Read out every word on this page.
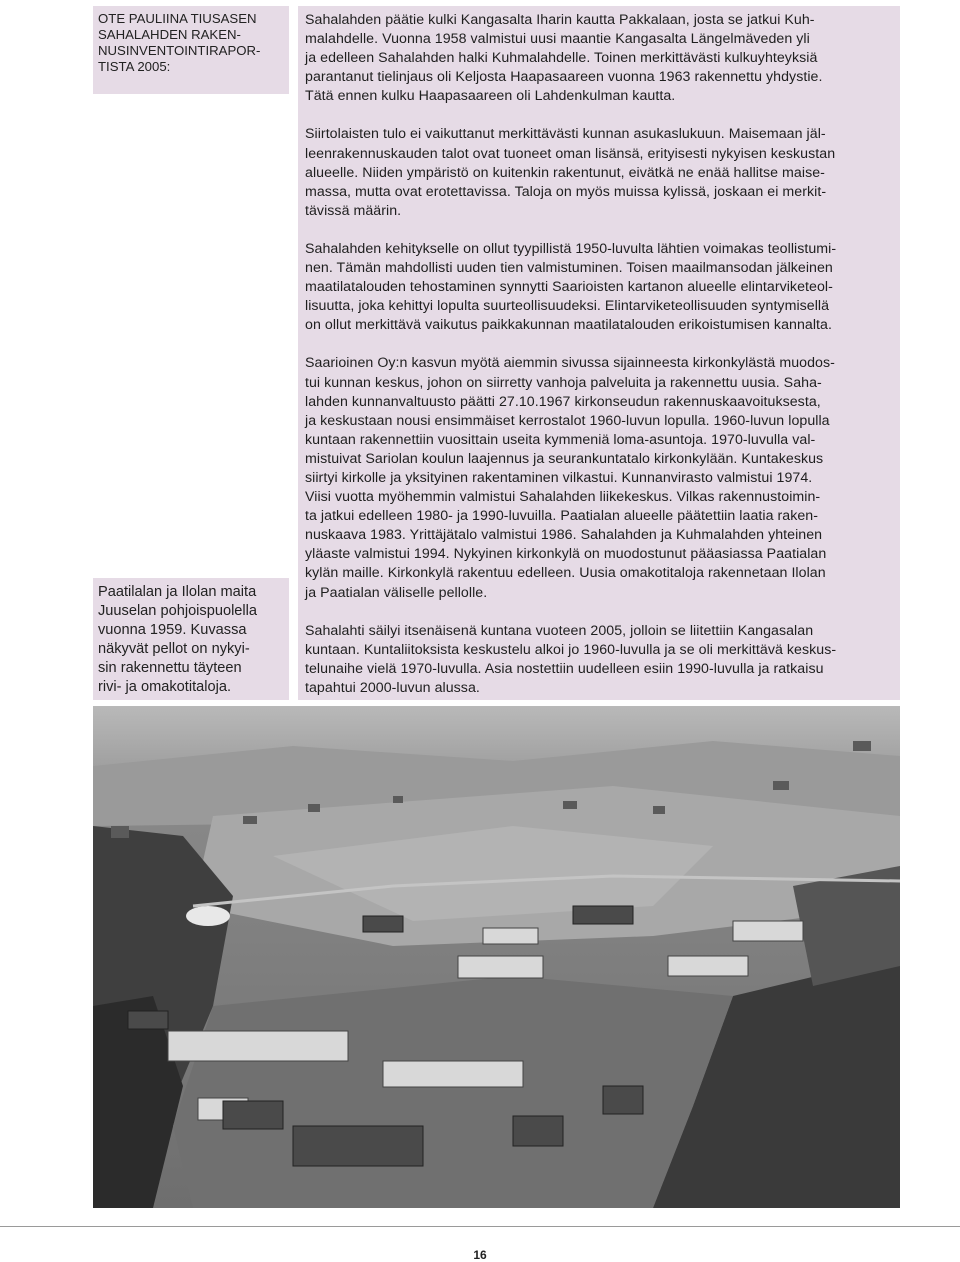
OTE PAULIINA TIUSASEN
SAHALAHDEN RAKEN-
NUSINVENTOINTIRAPOR-
TISTA 2005:

Sahalahden päätie kulki Kangasalta Iharin kautta Pakkalaan, josta se jatkui Kuh-
malahdelle. Vuonna 1958 valmistui uusi maantie Kangasalta Längelmäveden yli
ja edelleen Sahalahden halki Kuhmalahdelle. Toinen merkittävästi kulkuyhteyksiä
parantanut tielinjaus oli Keljosta Haapasaareen vuonna 1963 rakennettu yhdystie.
Tätä ennen kulku Haapasaareen oli Lahdenkulman kautta.

Siirtolaisten tulo ei vaikuttanut merkittävästi kunnan asukaslukuun. Maisemaan jäl-
leenrakennuskauden talot ovat tuoneet oman lisänsä, erityisesti nykyisen keskustan
alueelle. Niiden ympäristö on kuitenkin rakentunut, eivätkä ne enää hallitse maise-
massa, mutta ovat erotettavissa. Taloja on myös muissa kylissä, joskaan ei merkit-
tävissä määrin.

Sahalahden kehitykselle on ollut tyypillistä 1950-luvulta lähtien voimakas teollistumi-
nen. Tämän mahdollisti uuden tien valmistuminen. Toisen maailmansodan jälkeinen
maatilatalouden tehostaminen synnytti Saarioisten kartanon alueelle elintarviketeol-
lisuutta, joka kehittyi lopulta suurteollisuudeksi. Elintarviketeollisuuden syntymisellä
on ollut merkittävä vaikutus paikkakunnan maatilatalouden erikoistumisen kannalta.

Saarioinen Oy:n kasvun myötä aiemmin sivussa sijainneesta kirkonkylästä muodos-
tui kunnan keskus, johon on siirretty vanhoja palveluita ja rakennettu uusia. Saha-
lahden kunnanvaltuusto päätti 27.10.1967 kirkonseudun rakennuskaavoituksesta,
ja keskustaan nousi ensimmäiset kerrostalot 1960-luvun lopulla. 1960-luvun lopulla
kuntaan rakennettiin vuosittain useita kymmeniä loma-asuntoja. 1970-luvulla val-
mistuivat Sariolan koulun laajennus ja seurankuntatalo kirkonkylään. Kuntakeskus
siirtyi kirkolle ja yksityinen rakentaminen vilkastui. Kunnanvirasto valmistui 1974.
Viisi vuotta myöhemmin valmistui Sahalahden liikekeskus. Vilkas rakennustoimin-
ta jatkui edelleen 1980- ja 1990-luvuilla. Paatialan alueelle päätettiin laatia raken-
nuskaava 1983. Yrittäjätalo valmistui 1986. Sahalahden ja Kuhmalahden yhteinen
yläaste valmistui 1994. Nykyinen kirkonkylä on muodostunut pääasiassa Paatialan
kylän maille. Kirkonkylä rakentuu edelleen. Uusia omakotitaloja rakennetaan Ilolan
ja Paatialan väliselle pellolle.

Sahalahti säilyi itsenäisenä kuntana vuoteen 2005, jolloin se liitettiin Kangasalan
kuntaan. Kuntaliitoksista keskustelu alkoi jo 1960-luvulla ja se oli merkittävä keskus-
telunaihe vielä 1970-luvulla. Asia nostettiin uudelleen esiin 1990-luvulla ja ratkaisu
tapahtui 2000-luvun alussa.

Paatilalan ja Ilolan maita
Juuselan pohjoispuolella
vuonna 1959. Kuvassa
näkyvät pellot on nykyi-
sin rakennettu täyteen
rivi- ja omakotitaloja.

16
